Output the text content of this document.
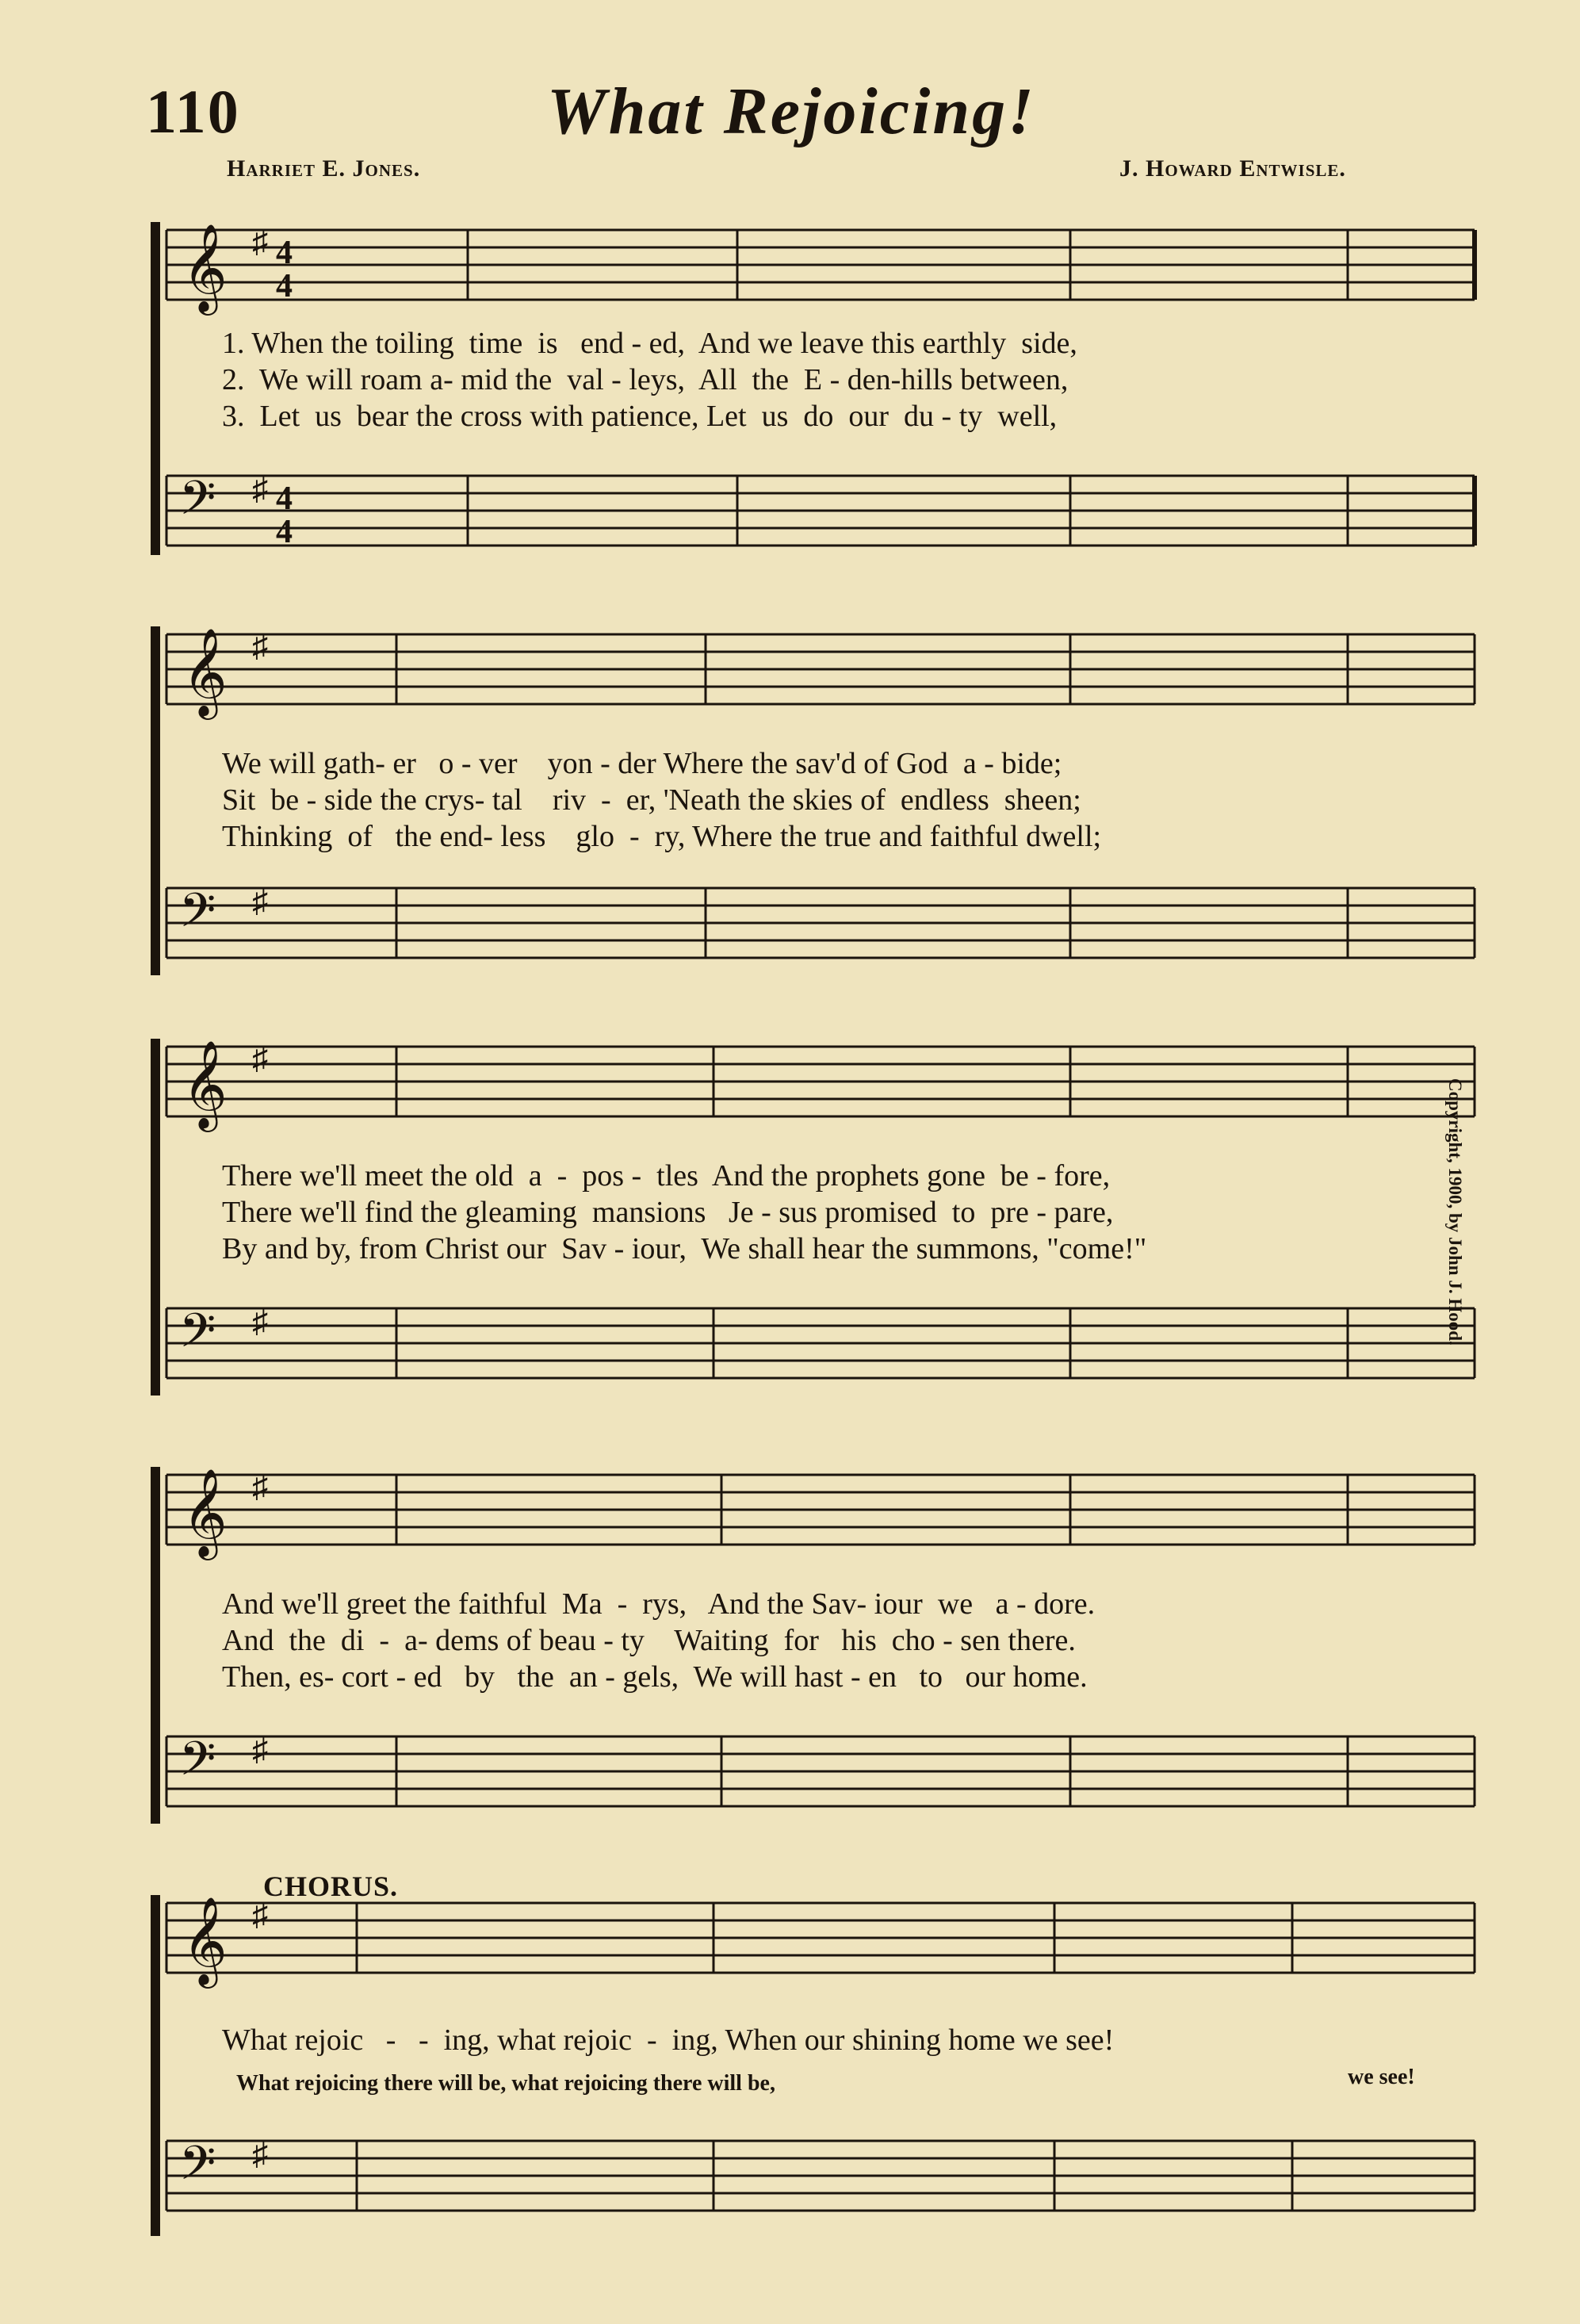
110	What Rejoicing!
Harriet E. Jones.	J. Howard Entwisle.
𝄞 ♯ 4
4
1. When the toiling  time  is   end - ed,  And we leave this earthly  side,
2.  We will roam a- mid the  val - leys,  All  the  E - den-hills between,
3.  Let  us  bear the cross with patience, Let  us  do  our  du - ty  well,
𝄢 ♯ 4
4
𝄞 ♯
We will gath- er   o - ver    yon - der Where the sav'd of God  a - bide;
Sit  be - side the crys- tal    riv  -  er, 'Neath the skies of  endless  sheen;
Thinking  of   the end- less    glo  -  ry, Where the true and faithful dwell;
𝄢 ♯
𝄞 ♯
There we'll meet the old  a  -  pos -  tles  And the prophets gone  be - fore,
There we'll find the gleaming  mansions   Je - sus promised  to  pre - pare,
By and by, from Christ our  Sav - iour,  We shall hear the summons, "come!"
𝄢 ♯
𝄞 ♯
And we'll greet the faithful  Ma  -  rys,   And the Sav- iour  we   a - dore.
And  the  di  -  a- dems of beau - ty    Waiting  for   his  cho - sen there.
Then, es- cort - ed   by   the  an - gels,  We will hast - en   to   our home.
𝄢 ♯
CHORUS.
𝄞 ♯
What rejoic   -   -  ing, what rejoic  -  ing, When our shining home we see!
What rejoicing there will be, what rejoicing there will be,	we see!
𝄢 ♯
Copyright, 1900, by John J. Hood.
